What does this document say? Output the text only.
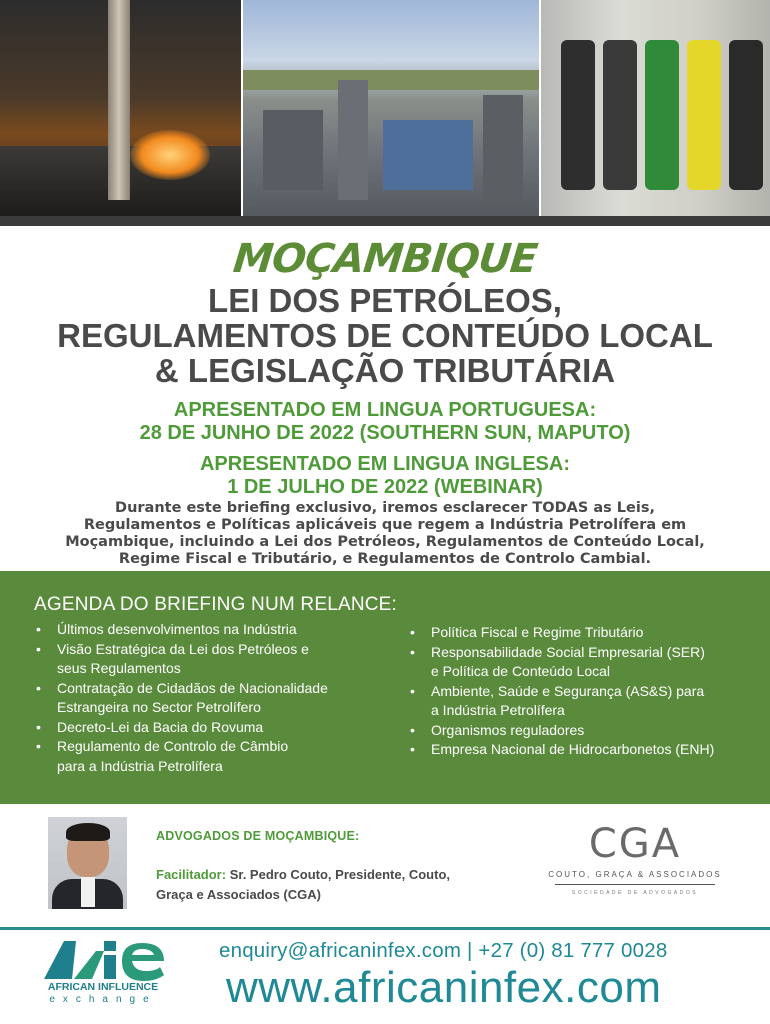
MOÇAMBIQUE
LEI DOS PETRÓLEOS,
REGULAMENTOS DE CONTEÚDO LOCAL
& LEGISLAÇÃO TRIBUTÁRIA
APRESENTADO EM LINGUA PORTUGUESA:
28 DE JUNHO DE 2022 (SOUTHERN SUN, MAPUTO)
APRESENTADO EM LINGUA INGLESA:
1 DE JULHO DE 2022 (WEBINAR)
Durante este briefing exclusivo, iremos esclarecer TODAS as Leis,
Regulamentos e Políticas aplicáveis que regem a Indústria Petrolífera em
Moçambique, incluindo a Lei dos Petróleos, Regulamentos de Conteúdo Local,
Regime Fiscal e Tributário, e Regulamentos de Controlo Cambial.
AGENDA DO BRIEFING NUM RELANCE:
• Últimos desenvolvimentos na Indústria
• Visão Estratégica da Lei dos Petróleos e
seus Regulamentos
• Contratação de Cidadãos de Nacionalidade
Estrangeira no Sector Petrolífero
• Decreto-Lei da Bacia do Rovuma
• Regulamento de Controlo de Câmbio
para a Indústria Petrolífera
• Política Fiscal e Regime Tributário
• Responsabilidade Social Empresarial (SER)
e Política de Conteúdo Local
• Ambiente, Saúde e Segurança (AS&S) para
a Indústria Petrolífera
• Organismos reguladores
• Empresa Nacional de Hidrocarbonetos (ENH)
ADVOGADOS DE MOÇAMBIQUE:
Facilitador: Sr. Pedro Couto, Presidente, Couto,
Graça e Associados (CGA)
CGA
COUTO, GRAÇA & ASSOCIADOS
SOCIEDADE DE ADVOGADOS
AFRICAN INFLUENCE
exchange
enquiry@africaninfex.com | +27 (0) 81 777 0028
www.africaninfex.com
